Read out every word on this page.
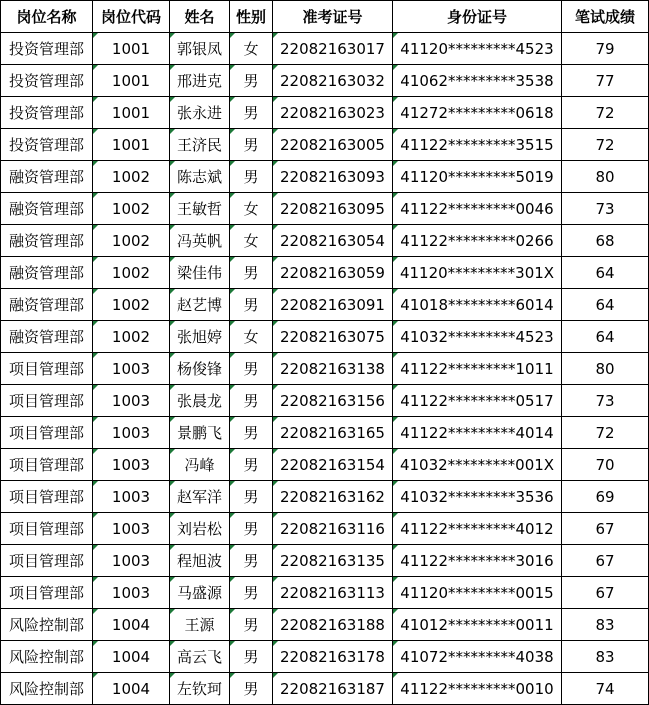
岗位名称	岗位代码	姓名	性别	准考证号	身份证号	笔试成绩
投资管理部	1001	郭银凤	女	22082163017	41120*********4523	79
投资管理部	1001	邢进克	男	22082163032	41062*********3538	77
投资管理部	1001	张永进	男	22082163023	41272*********0618	72
投资管理部	1001	王济民	男	22082163005	41122*********3515	72
融资管理部	1002	陈志斌	男	22082163093	41120*********5019	80
融资管理部	1002	王敏哲	女	22082163095	41122*********0046	73
融资管理部	1002	冯英帆	女	22082163054	41122*********0266	68
融资管理部	1002	梁佳伟	男	22082163059	41120*********301X	64
融资管理部	1002	赵艺博	男	22082163091	41018*********6014	64
融资管理部	1002	张旭婷	女	22082163075	41032*********4523	64
项目管理部	1003	杨俊锋	男	22082163138	41122*********1011	80
项目管理部	1003	张晨龙	男	22082163156	41122*********0517	73
项目管理部	1003	景鹏飞	男	22082163165	41122*********4014	72
项目管理部	1003	冯峰	男	22082163154	41032*********001X	70
项目管理部	1003	赵军洋	男	22082163162	41032*********3536	69
项目管理部	1003	刘岩松	男	22082163116	41122*********4012	67
项目管理部	1003	程旭波	男	22082163135	41122*********3016	67
项目管理部	1003	马盛源	男	22082163113	41120*********0015	67
风险控制部	1004	王源	男	22082163188	41012*********0011	83
风险控制部	1004	高云飞	男	22082163178	41072*********4038	83
风险控制部	1004	左钦珂	男	22082163187	41122*********0010	74
